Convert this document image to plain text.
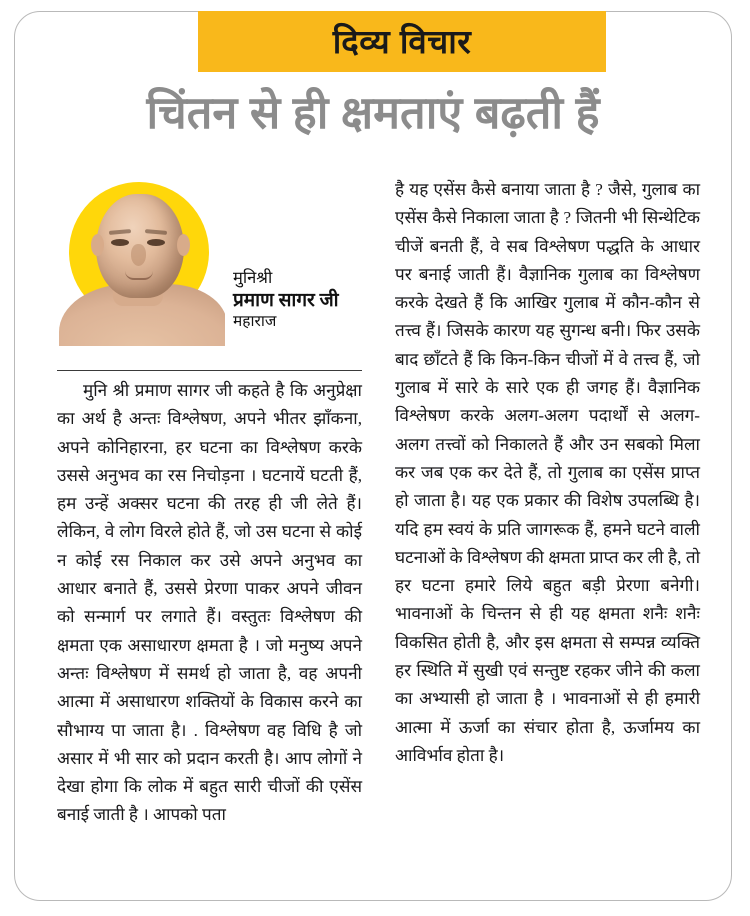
दिव्य विचार
चिंतन से ही क्षमताएं बढ़ती हैं
मुनिश्री
प्रमाण सागर जी
महाराज

मुनि श्री प्रमाण सागर जी कहते है कि अनुप्रेक्षा का अर्थ है अन्तः विश्लेषण, अपने भीतर झाँकना, अपने कोनिहारना, हर घटना का विश्लेषण करके उससे अनुभव का रस निचोड़ना । घटनायें घटती हैं, हम उन्हें अक्सर घटना की तरह ही जी लेते हैं। लेकिन, वे लोग विरले होते हैं, जो उस घटना से कोई न कोई रस निकाल कर उसे अपने अनुभव का आधार बनाते हैं, उससे प्रेरणा पाकर अपने जीवन को सन्मार्ग पर लगाते हैं। वस्तुतः विश्लेषण की क्षमता एक असाधारण क्षमता है । जो मनुष्य अपने अन्तः विश्लेषण में समर्थ हो जाता है, वह अपनी आत्मा में असाधारण शक्तियों के विकास करने का सौभाग्य पा जाता है। . विश्लेषण वह विधि है जो असार में भी सार को प्रदान करती है। आप लोगों ने देखा होगा कि लोक में बहुत सारी चीजों की एसेंस बनाई जाती है । आपको पता

है यह एसेंस कैसे बनाया जाता है ? जैसे, गुलाब का एसेंस कैसे निकाला जाता है ? जितनी भी सिन्थेटिक चीजें बनती हैं, वे सब विश्लेषण पद्धति के आधार पर बनाई जाती हैं। वैज्ञानिक गुलाब का विश्लेषण करके देखते हैं कि आखिर गुलाब में कौन-कौन से तत्त्व हैं। जिसके कारण यह सुगन्ध बनी। फिर उसके बाद छाँटते हैं कि किन-किन चीजों में वे तत्त्व हैं, जो गुलाब में सारे के सारे एक ही जगह हैं। वैज्ञानिक विश्लेषण करके अलग-अलग पदार्थों से अलग-अलग तत्त्वों को निकालते हैं और उन सबको मिला कर जब एक कर देते हैं, तो गुलाब का एसेंस प्राप्त हो जाता है। यह एक प्रकार की विशेष उपलब्धि है। यदि हम स्वयं के प्रति जागरूक हैं, हमने घटने वाली घटनाओं के विश्लेषण की क्षमता प्राप्त कर ली है, तो हर घटना हमारे लिये बहुत बड़ी प्रेरणा बनेगी। भावनाओं के चिन्तन से ही यह क्षमता शनैः शनैः विकसित होती है, और इस क्षमता से सम्पन्न व्यक्ति हर स्थिति में सुखी एवं सन्तुष्ट रहकर जीने की कला का अभ्यासी हो जाता है । भावनाओं से ही हमारी आत्मा में ऊर्जा का संचार होता है, ऊर्जामय का आविर्भाव होता है।
